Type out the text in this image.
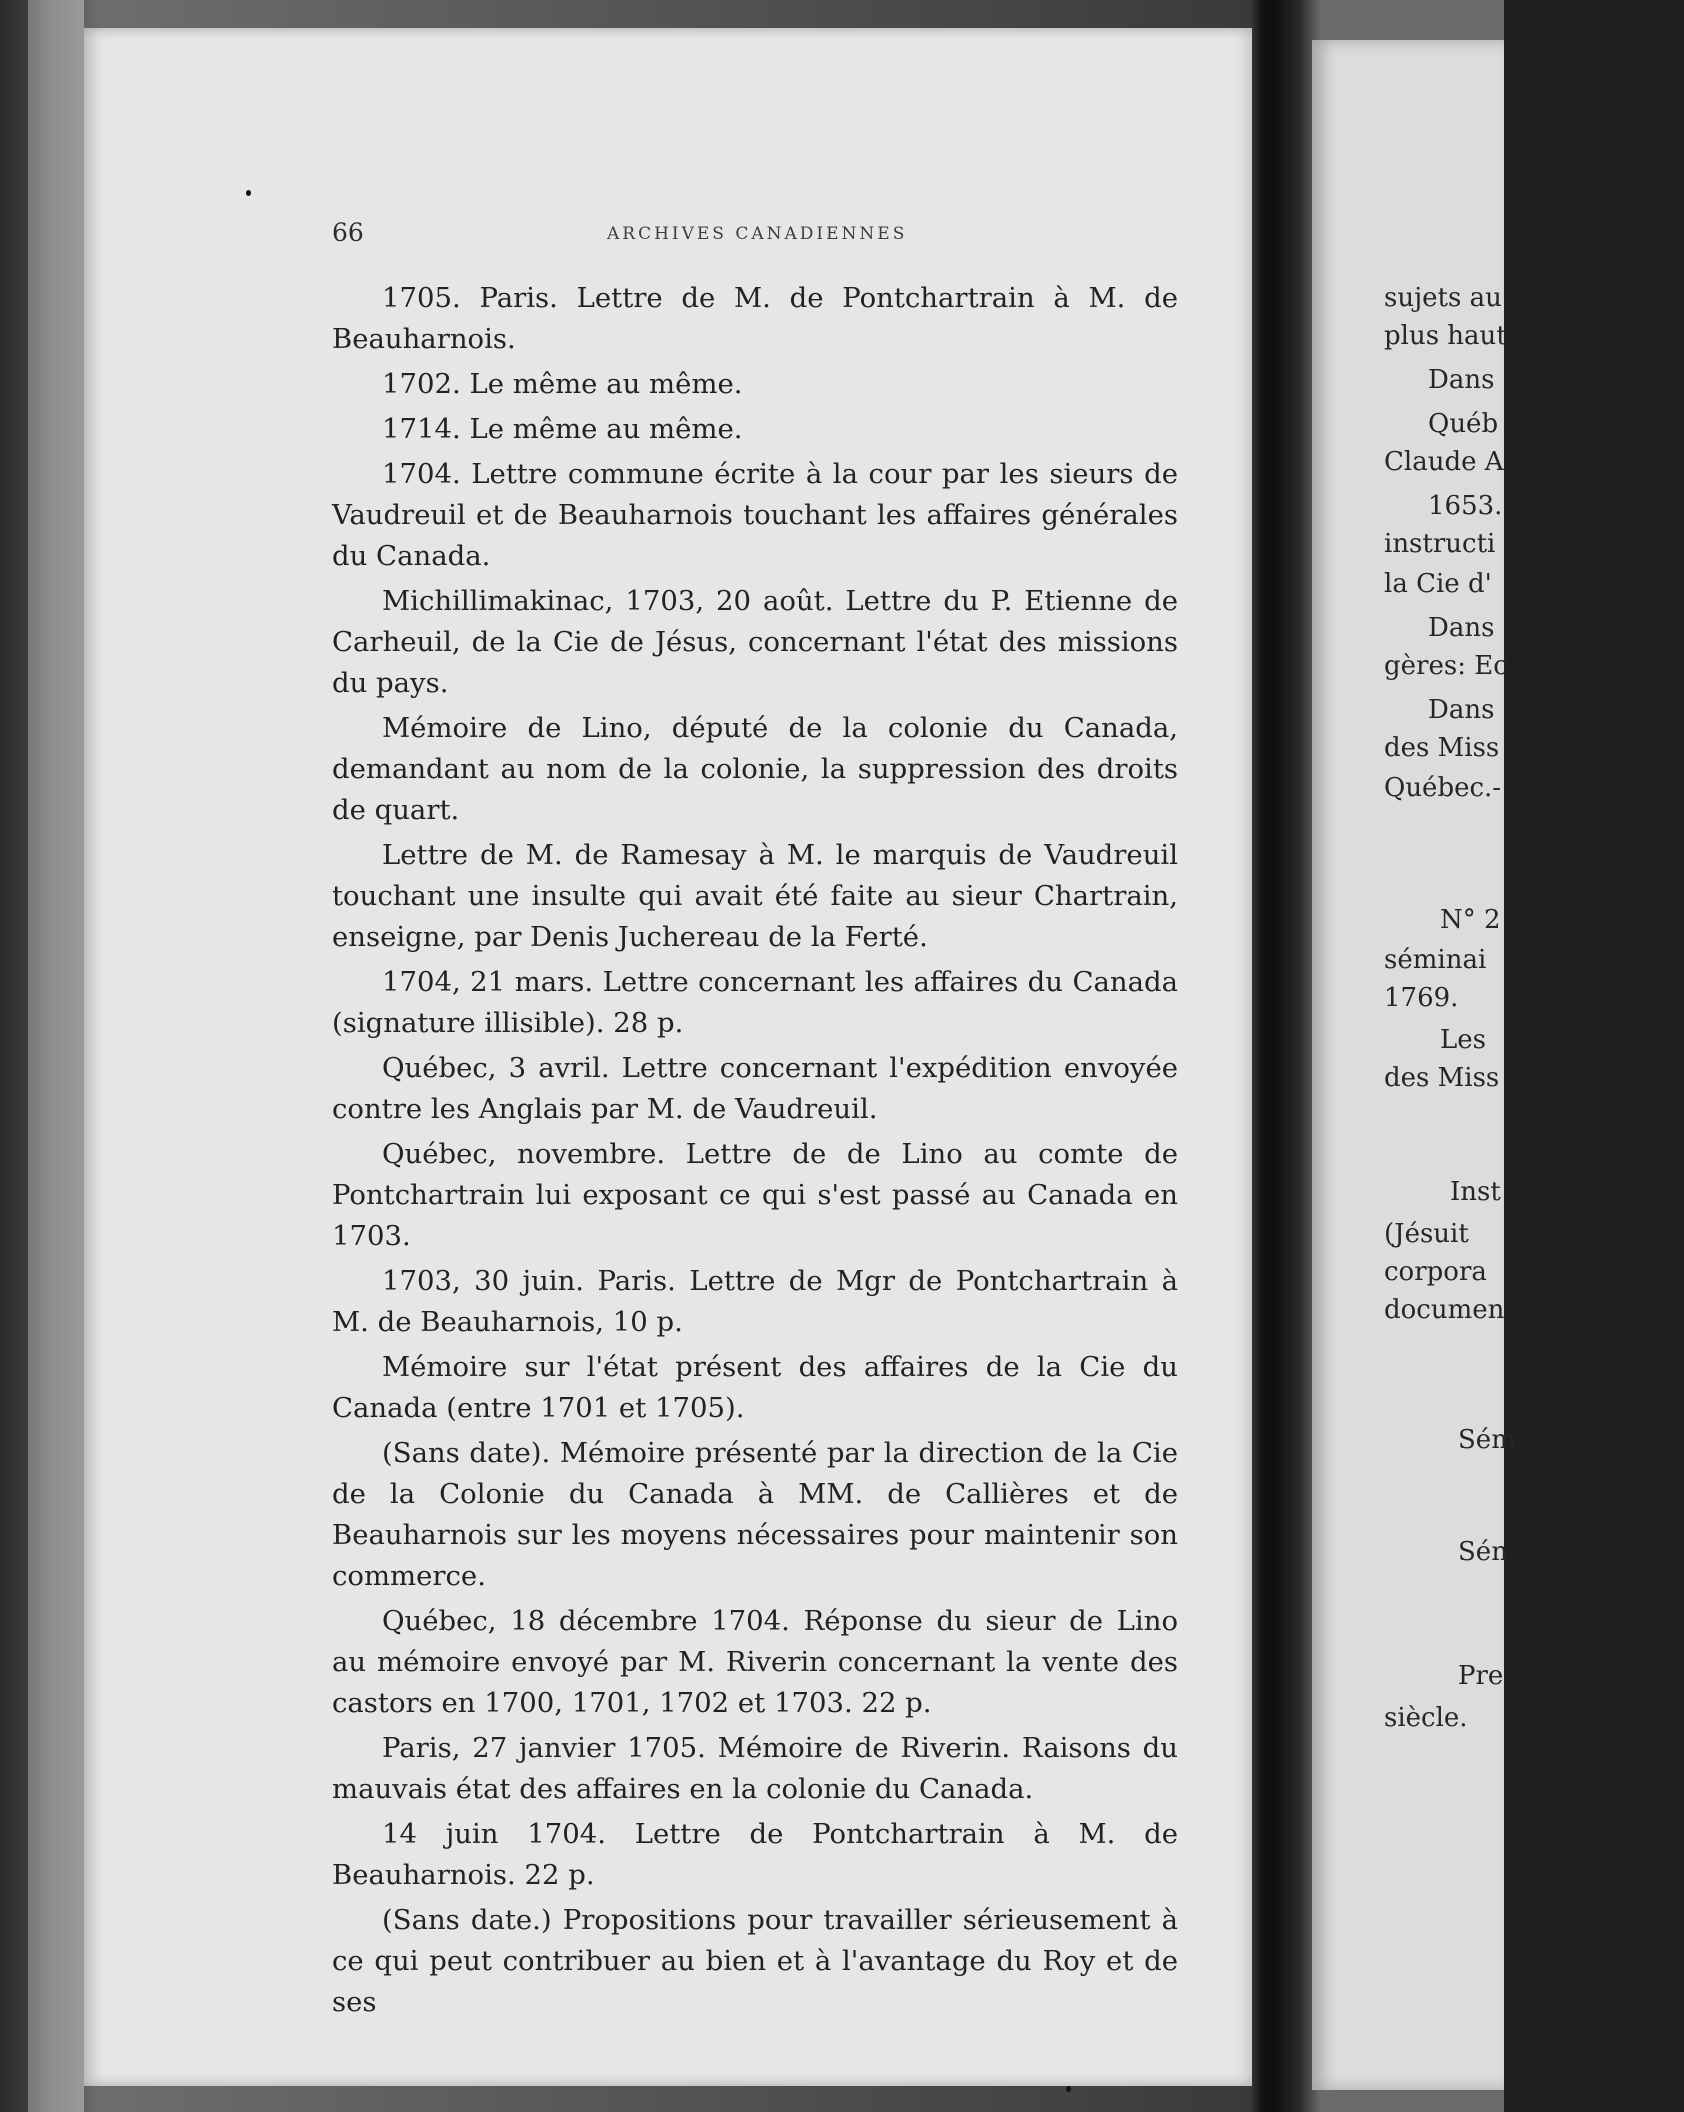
66	ARCHIVES CANADIENNES

1705. Paris. Lettre de M. de Pontchartrain à M. de Beauharnois.

1702. Le même au même.

1714. Le même au même.

1704. Lettre commune écrite à la cour par les sieurs de Vaudreuil et de Beauharnois touchant les affaires générales du Canada.

Michillimakinac, 1703, 20 août. Lettre du P. Etienne de Carheuil, de la Cie de Jésus, concernant l'état des missions du pays.

Mémoire de Lino, député de la colonie du Canada, demandant au nom de la colonie, la suppression des droits de quart.

Lettre de M. de Ramesay à M. le marquis de Vaudreuil touchant une insulte qui avait été faite au sieur Chartrain, enseigne, par Denis Juchereau de la Ferté.

1704, 21 mars. Lettre concernant les affaires du Canada (signature illisible). 28 p.

Québec, 3 avril. Lettre concernant l'expédition envoyée contre les Anglais par M. de Vaudreuil.

Québec, novembre. Lettre de de Lino au comte de Pontchartrain lui exposant ce qui s'est passé au Canada en 1703.

1703, 30 juin. Paris. Lettre de Mgr de Pontchartrain à M. de Beauharnois, 10 p.

Mémoire sur l'état présent des affaires de la Cie du Canada (entre 1701 et 1705).

(Sans date). Mémoire présenté par la direction de la Cie de la Colonie du Canada à MM. de Callières et de Beauharnois sur les moyens nécessaires pour maintenir son commerce.

Québec, 18 décembre 1704. Réponse du sieur de Lino au mémoire envoyé par M. Riverin concernant la vente des castors en 1700, 1701, 1702 et 1703. 22 p.

Paris, 27 janvier 1705. Mémoire de Riverin. Raisons du mauvais état des affaires en la colonie du Canada.

14 juin 1704. Lettre de Pontchartrain à M. de Beauharnois. 22 p.

(Sans date.) Propositions pour travailler sérieusement à ce qui peut contribuer au bien et à l'avantage du Roy et de ses

sujets au
plus haut
Dans
Québ
Claude A
1653.
instructi
la Cie d'
Dans
gères: Ec
Dans
des Miss
Québec.-
N° 2
séminai
1769.
Les
des Miss
Inst
(Jésuit
corpora
documen
Sém
Sén
Pre
siècle.
